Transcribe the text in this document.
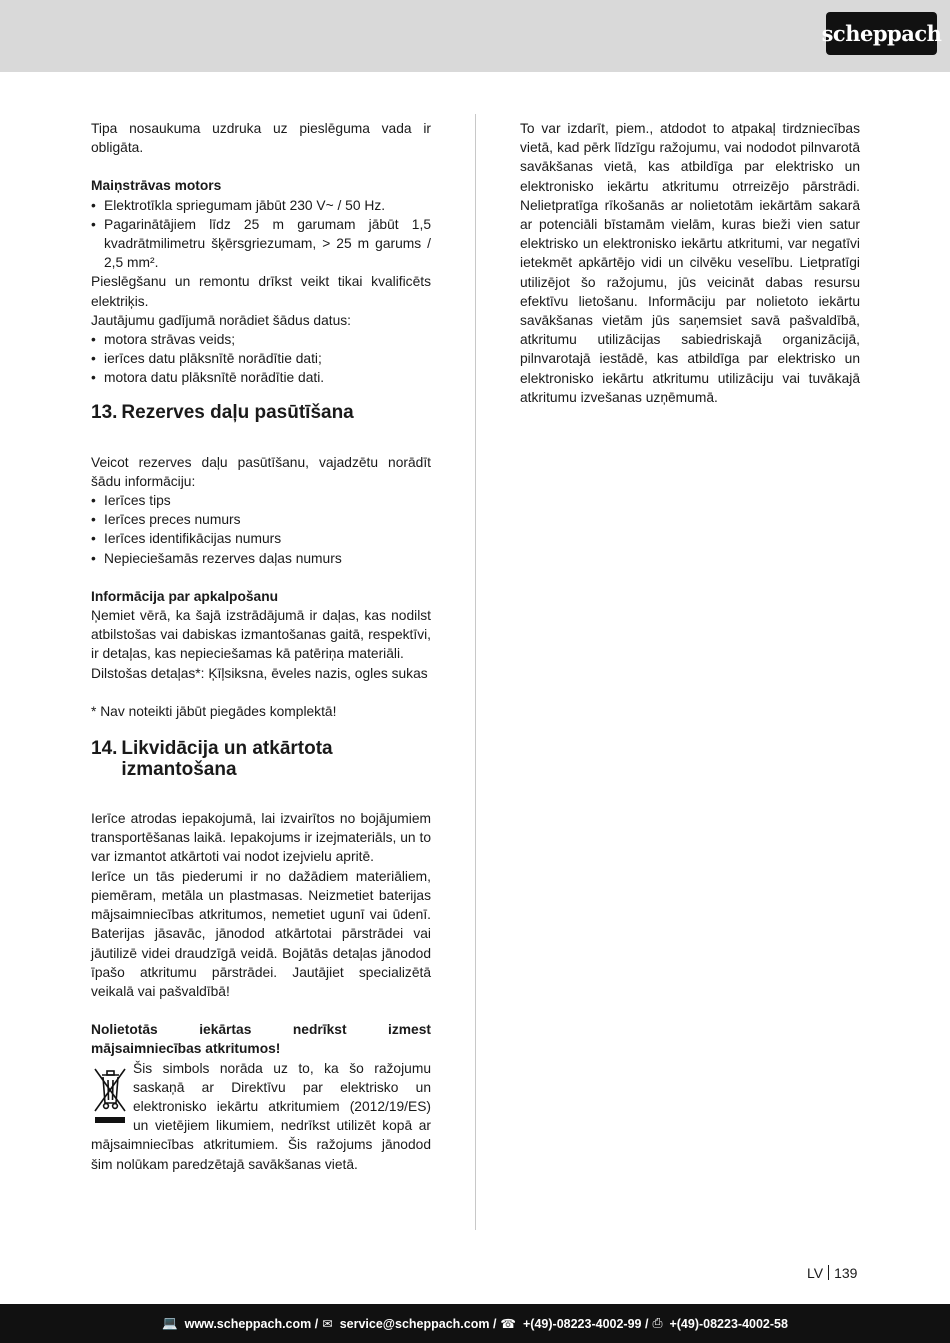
scheppach

Tipa nosaukuma uzdruka uz pieslēguma vada ir obligāta.

Maiņstrāvas motors

• Elektrotīkla spriegumam jābūt 230 V~ / 50 Hz.
• Pagarinātājiem līdz 25 m garumam jābūt 1,5 kvadrātmilimetru šķērsgriezumam, > 25 m garums / 2,5 mm².

Pieslēgšanu un remontu drīkst veikt tikai kvalificēts elektriķis.

Jautājumu gadījumā norādiet šādus datus:

• motora strāvas veids;
• ierīces datu plāksnītē norādītie dati;
• motora datu plāksnītē norādītie dati.
13. Rezerves daļu pasūtīšana

Veicot rezerves daļu pasūtīšanu, vajadzētu norādīt šādu informāciju:

• Ierīces tips
• Ierīces preces numurs
• Ierīces identifikācijas numurs
• Nepieciešamās rezerves daļas numurs

Informācija par apkalpošanu

Ņemiet vērā, ka šajā izstrādājumā ir daļas, kas nodilst atbilstošas vai dabiskas izmantošanas gaitā, respektīvi, ir detaļas, kas nepieciešamas kā patēriņa materiāli.

Dilstošas detaļas*: Ķīļsiksna, ēveles nazis, ogles sukas

* Nav noteikti jābūt piegādes komplektā!

14. Likvidācija un atkārtota izmantošana

Ierīce atrodas iepakojumā, lai izvairītos no bojājumiem transportēšanas laikā. Iepakojums ir izejmateriāls, un to var izmantot atkārtoti vai nodot izejvielu apritē.

Ierīce un tās piederumi ir no dažādiem materiāliem, piemēram, metāla un plastmasas. Neizmetiet baterijas mājsaimniecības atkritumos, nemetiet ugunī vai ūdenī. Baterijas jāsavāc, jānodod atkārtotai pārstrādei vai jāutilizē videi draudzīgā veidā. Bojātās detaļas jānodod īpašo atkritumu pārstrādei. Jautājiet specializētā veikalā vai pašvaldībā!

Nolietotās iekārtas nedrīkst izmest mājsaimniecības atkritumos!

Šis simbols norāda uz to, ka šo ražojumu saskaņā ar Direktīvu par elektrisko un elektronisko iekārtu atkritumiem (2012/19/ES) un vietējiem likumiem, nedrīkst utilizēt kopā ar mājsaimniecības atkritumiem. Šis ražojums jānodod šim nolūkam paredzētajā savākšanas vietā.

To var izdarīt, piem., atdodot to atpakaļ tirdzniecības vietā, kad pērk līdzīgu ražojumu, vai nododot pilnvarotā savākšanas vietā, kas atbildīga par elektrisko un elektronisko iekārtu atkritumu otrreizējo pārstrādi. Nelietpratīga rīkošanās ar nolietotām iekārtām sakarā ar potenciāli bīstamām vielām, kuras bieži vien satur elektrisko un elektronisko iekārtu atkritumi, var negatīvi ietekmēt apkārtējo vidi un cilvēku veselību. Lietpratīgi utilizējot šo ražojumu, jūs veicināt dabas resursu efektīvu lietošanu. Informāciju par nolietoto iekārtu savākšanas vietām jūs saņemsiet savā pašvaldībā, atkritumu utilizācijas sabiedriskajā organizācijā, pilnvarotajā iestādē, kas atbildīga par elektrisko un elektronisko iekārtu atkritumu utilizāciju vai tuvākajā atkritumu izvešanas uzņēmumā.

LV 139
💻 www.scheppach.com / ✉ service@scheppach.com / ☎ +(49)-08223-4002-99 / ⎙ +(49)-08223-4002-58
